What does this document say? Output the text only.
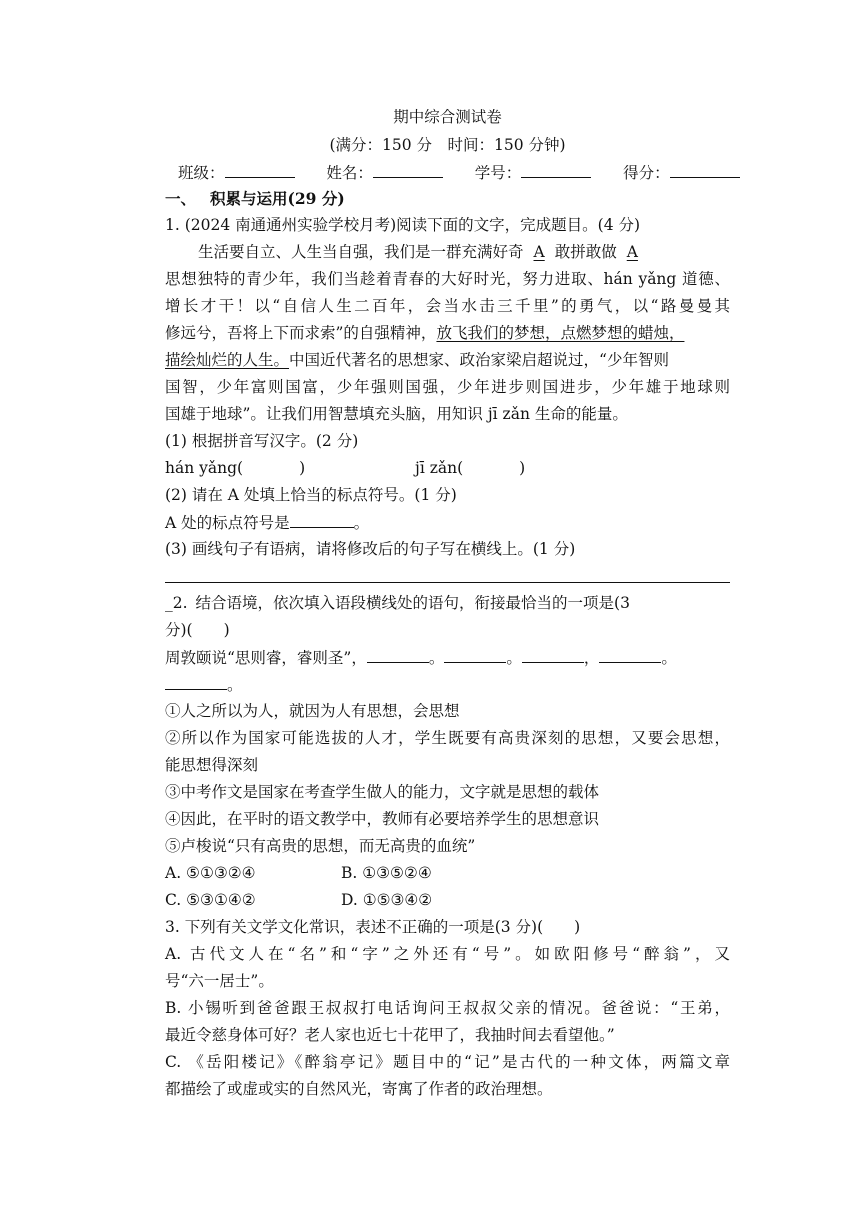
期中综合测试卷
(满分：150 分　时间：150 分钟)
班级：	姓名：	学号：	得分：
一、 积累与运用(29 分)
1. (2024 南通通州实验学校月考)阅读下面的文字，完成题目。(4 分)
生活要自立、人生当自强，我们是一群充满好奇 A 敢拼敢做 A
思想独特的青少年，我们当趁着青春的大好时光，努力进取、hán yǎng 道德、
增长才干！以“自信人生二百年，会当水击三千里”的勇气，以“路曼曼其
修远兮，吾将上下而求索”的自强精神，放飞我们的梦想，点燃梦想的蜡烛，
描绘灿烂的人生。中国近代著名的思想家、政治家梁启超说过，“少年智则
国智，少年富则国富，少年强则国强，少年进步则国进步，少年雄于地球则
国雄于地球”。让我们用智慧填充头脑，用知识 jī zǎn 生命的能量。
(1) 根据拼音写汉字。(2 分)
hán yǎng(	)	jī zǎn(	)
(2) 请在 A 处填上恰当的标点符号。(1 分)
A 处的标点符号是	。
(3) 画线句子有语病，请将修改后的句子写在横线上。(1 分)
_2. 结合语境，依次填入语段横线处的语句，衔接最恰当的一项是(3
分)(　　)
周敦颐说“思则睿，睿则圣”，	。	。	，	。
。
①人之所以为人，就因为人有思想，会思想
②所以作为国家可能选拔的人才，学生既要有高贵深刻的思想，又要会思想，
能思想得深刻
③中考作文是国家在考查学生做人的能力，文字就是思想的载体
④因此，在平时的语文教学中，教师有必要培养学生的思想意识
⑤卢梭说“只有高贵的思想，而无高贵的血统”
A. ⑤①③②④	B. ①③⑤②④
C. ⑤③①④②	D. ①⑤③④②
3. 下列有关文学文化常识，表述不正确的一项是(3 分)(　　)
A. 古代文人在“名”和“字”之外还有“号”。如欧阳修号“醉翁”，又
号“六一居士”。
B. 小锡听到爸爸跟王叔叔打电话询问王叔叔父亲的情况。爸爸说：“王弟，
最近令慈身体可好？老人家也近七十花甲了，我抽时间去看望他。”
C. 《岳阳楼记》《醉翁亭记》题目中的“记”是古代的一种文体，两篇文章
都描绘了或虚或实的自然风光，寄寓了作者的政治理想。
